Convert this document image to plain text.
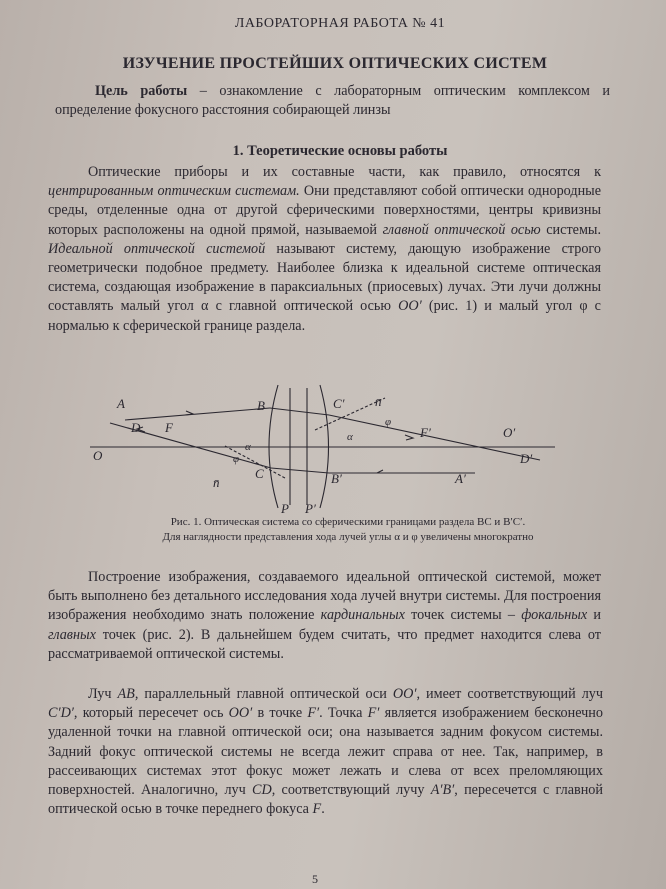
ЛАБОРАТОРНАЯ РАБОТА № 41
ИЗУЧЕНИЕ ПРОСТЕЙШИХ ОПТИЧЕСКИХ СИСТЕМ
Цель работы – ознакомление с лабораторным оптическим комплексом и определение фокусного расстояния собирающей линзы
1. Теоретические основы работы
Оптические приборы и их составные части, как правило, относятся к центрированным оптическим системам. Они представляют собой оптически однородные среды, отделенные одна от другой сферическими поверхностями, центры кривизны которых расположены на одной прямой, называемой главной оптической осью системы. Идеальной оптической системой называют систему, дающую изображение строго геометрически подобное предмету. Наиболее близка к идеальной системе оптическая система, создающая изображение в параксиальных (приосевых) лучах. Эти лучи должны составлять малый угол α с главной оптической осью OO′ (рис. 1) и малый угол φ с нормалью к сферической границе раздела.
A	B	C′ n̄
D F	F′	O′
O	D′
C	B′	A′
n̄
P P′
α
α
φ
φ
Рис. 1. Оптическая система со сферическими границами раздела BC и B′C′.
Для наглядности представления хода лучей углы α и φ увеличены многократно
Построение изображения, создаваемого идеальной оптической системой, может быть выполнено без детального исследования хода лучей внутри системы. Для построения изображения необходимо знать положение кардинальных точек системы – фокальных и главных точек (рис. 2). В дальнейшем будем считать, что предмет находится слева от рассматриваемой оптической системы.
Луч AB, параллельный главной оптической оси OO′, имеет соответствующий луч C′D′, который пересечет ось OO′ в точке F′. Точка F′ является изображением бесконечно удаленной точки на главной оптической оси; она называется задним фокусом системы. Задний фокус оптической системы не всегда лежит справа от нее. Так, например, в рассеивающих системах этот фокус может лежать и слева от всех преломляющих поверхностей. Аналогично, луч CD, соответствующий лучу A′B′, пересечется с главной оптической осью в точке переднего фокуса F.
5
